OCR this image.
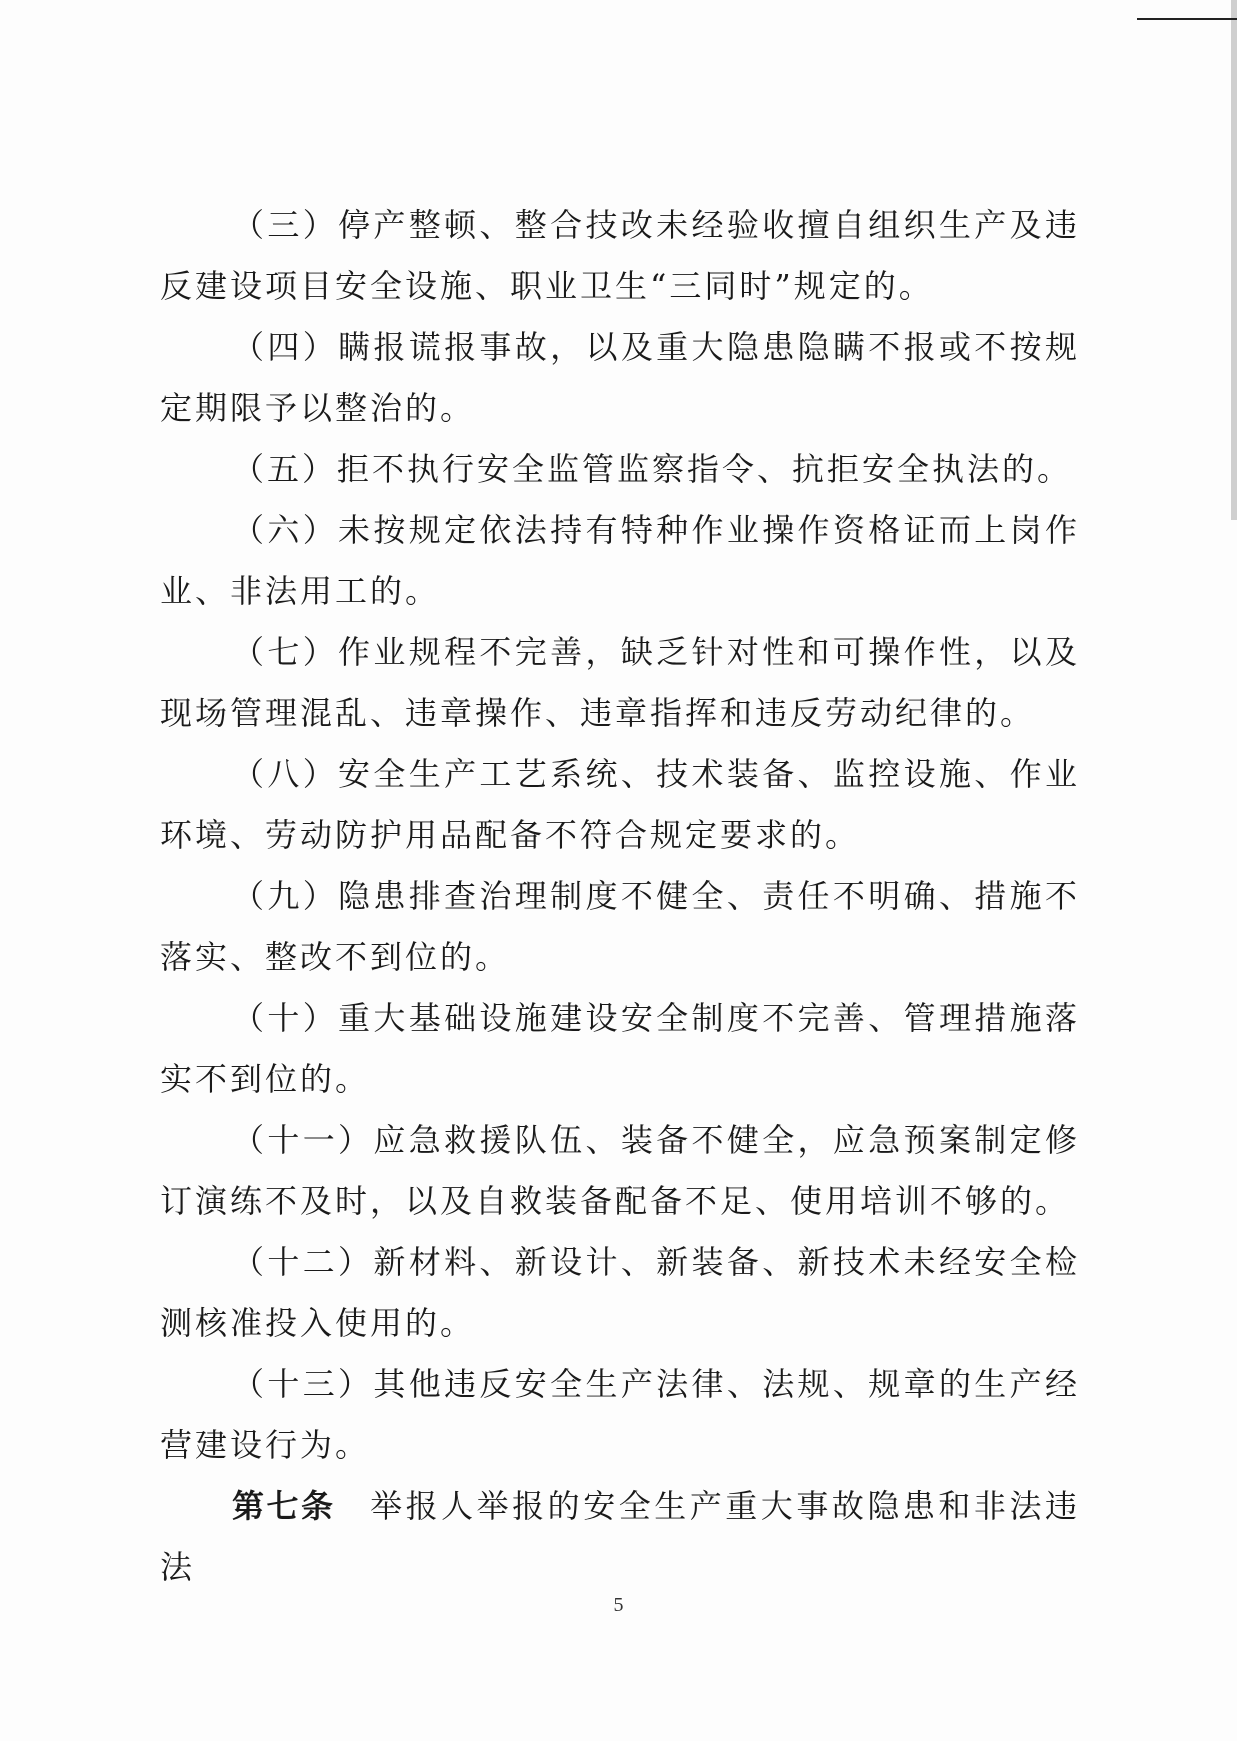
（三）停产整顿、整合技改未经验收擅自组织生产及违反建设项目安全设施、职业卫生“三同时”规定的。

（四）瞒报谎报事故，以及重大隐患隐瞒不报或不按规定期限予以整治的。

（五）拒不执行安全监管监察指令、抗拒安全执法的。

（六）未按规定依法持有特种作业操作资格证而上岗作业、非法用工的。

（七）作业规程不完善，缺乏针对性和可操作性，以及现场管理混乱、违章操作、违章指挥和违反劳动纪律的。

（八）安全生产工艺系统、技术装备、监控设施、作业环境、劳动防护用品配备不符合规定要求的。

（九）隐患排查治理制度不健全、责任不明确、措施不落实、整改不到位的。

（十）重大基础设施建设安全制度不完善、管理措施落实不到位的。

（十一）应急救援队伍、装备不健全，应急预案制定修订演练不及时，以及自救装备配备不足、使用培训不够的。

（十二）新材料、新设计、新装备、新技术未经安全检测核准投入使用的。

（十三）其他违反安全生产法律、法规、规章的生产经营建设行为。

第七条 举报人举报的安全生产重大事故隐患和非法违法

5
